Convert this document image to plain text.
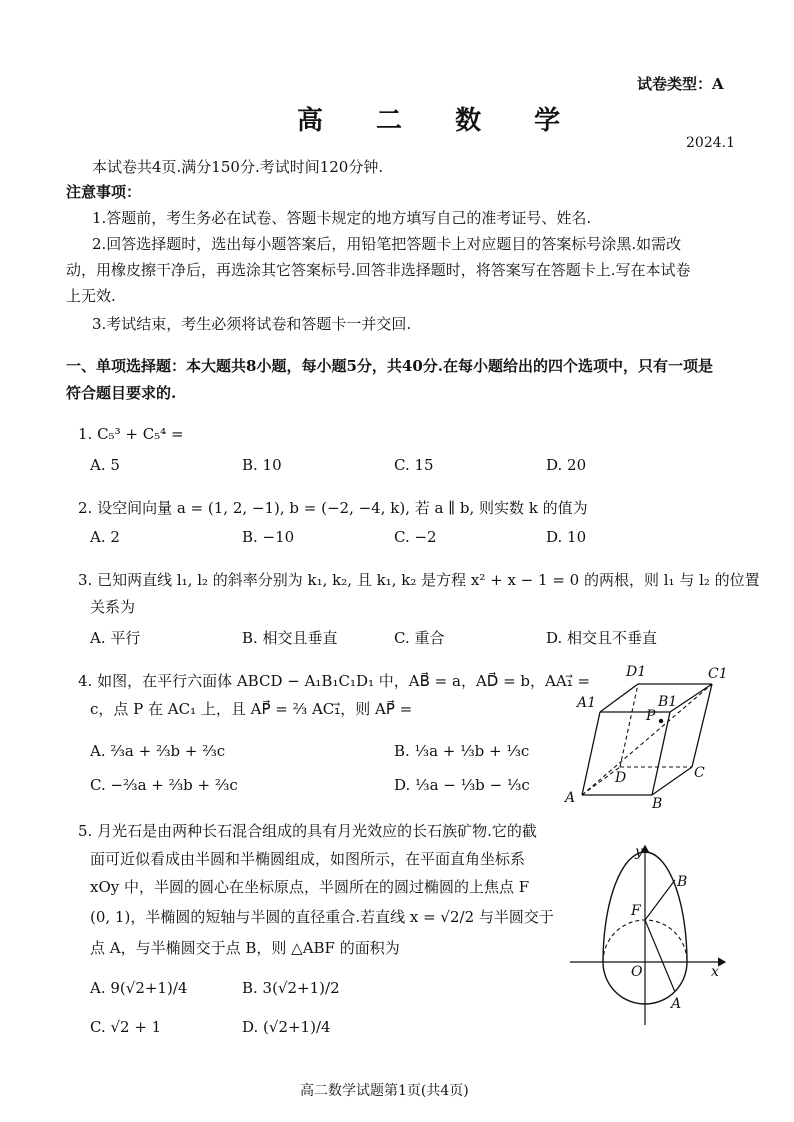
试卷类型：A
高 二 数 学
2024.1
本试卷共4页.满分150分.考试时间120分钟.
注意事项：
1.答题前，考生务必在试卷、答题卡规定的地方填写自己的准考证号、姓名.
2.回答选择题时，选出每小题答案后，用铅笔把答题卡上对应题目的答案标号涂黑.如需改
动，用橡皮擦干净后，再选涂其它答案标号.回答非选择题时，将答案写在答题卡上.写在本试卷
上无效.
3.考试结束，考生必须将试卷和答题卡一并交回.
一、单项选择题：本大题共8小题，每小题5分，共40分.在每小题给出的四个选项中，只有一项是
符合题目要求的.
1. C₅³ + C₅⁴ =
A. 5	B. 10	C. 15	D. 20
2. 设空间向量 a = (1, 2, −1), b = (−2, −4, k), 若 a ∥ b, 则实数 k 的值为
A. 2	B. −10	C. −2	D. 10
3. 已知两直线 l₁, l₂ 的斜率分别为 k₁, k₂, 且 k₁, k₂ 是方程 x² + x − 1 = 0 的两根，则 l₁ 与 l₂ 的位置
关系为
A. 平行	B. 相交且垂直	C. 重合	D. 相交且不垂直
4. 如图，在平行六面体 ABCD − A₁B₁C₁D₁ 中，AB⃗ = a，AD⃗ = b，AA₁⃗ =
c，点 P 在 AC₁ 上，且 AP⃗ = ⅔ AC₁⃗，则 AP⃗ =
A. ⅔a + ⅔b + ⅔c	B. ⅓a + ⅓b + ⅓c
C. −⅔a + ⅔b + ⅔c	D. ⅓a − ⅓b − ⅓c
D1	C1
A1	B1
P
D	C
A	B
5. 月光石是由两种长石混合组成的具有月光效应的长石族矿物.它的截
面可近似看成由半圆和半椭圆组成，如图所示，在平面直角坐标系
xOy 中，半圆的圆心在坐标原点，半圆所在的圆过椭圆的上焦点 F
(0, 1)，半椭圆的短轴与半圆的直径重合.若直线 x = √2/2 与半圆交于
点 A，与半椭圆交于点 B，则 △ABF 的面积为
A. 9(√2+1)/4	B. 3(√2+1)/2
C. √2 + 1	D. (√2+1)/4
y
B
F
O	x
A
高二数学试题第1页(共4页)
